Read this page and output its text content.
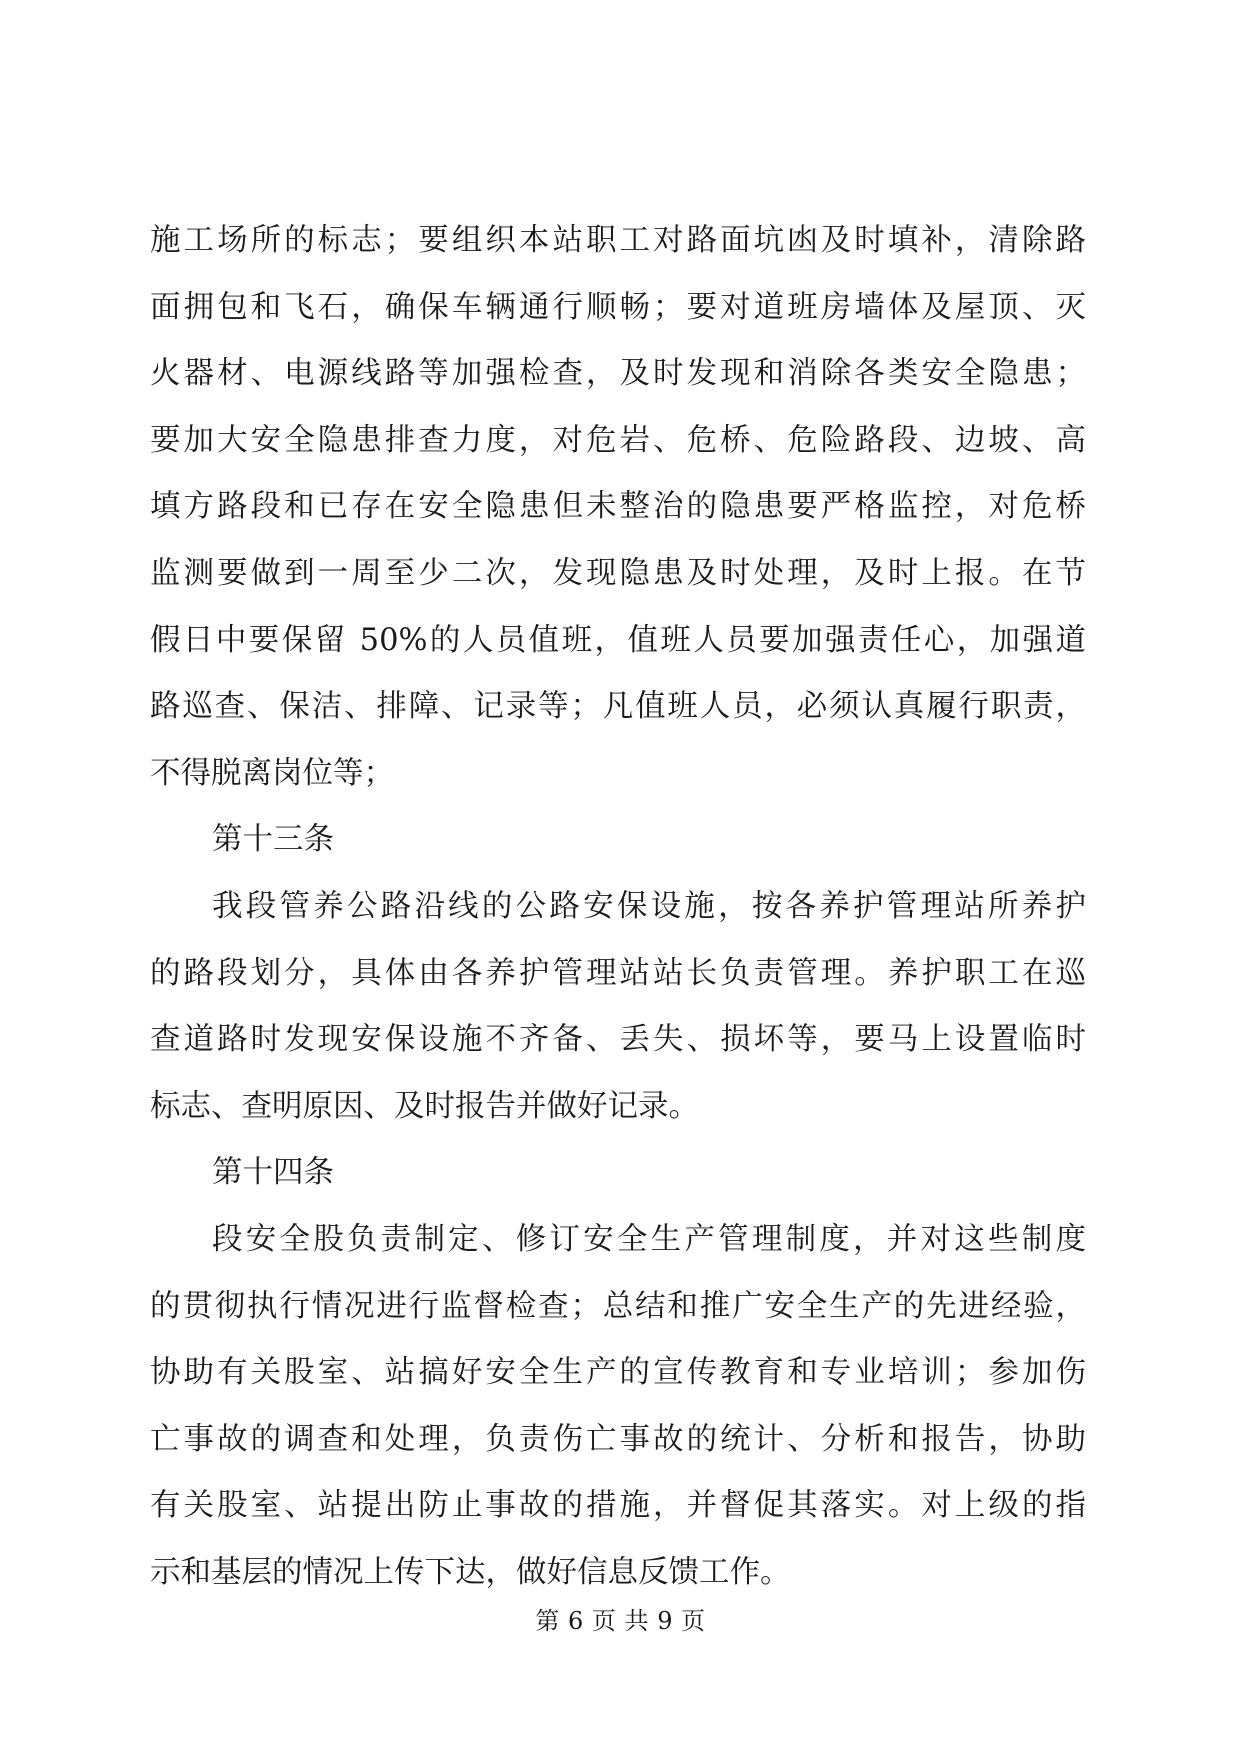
施工场所的标志；要组织本站职工对路面坑凼及时填补，清除路
面拥包和飞石，确保车辆通行顺畅；要对道班房墙体及屋顶、灭
火器材、电源线路等加强检查，及时发现和消除各类安全隐患；
要加大安全隐患排查力度，对危岩、危桥、危险路段、边坡、高
填方路段和已存在安全隐患但未整治的隐患要严格监控，对危桥
监测要做到一周至少二次，发现隐患及时处理，及时上报。在节
假日中要保留 50%的人员值班，值班人员要加强责任心，加强道
路巡查、保洁、排障、记录等；凡值班人员，必须认真履行职责，
不得脱离岗位等；
第十三条
我段管养公路沿线的公路安保设施，按各养护管理站所养护
的路段划分，具体由各养护管理站站长负责管理。养护职工在巡
查道路时发现安保设施不齐备、丢失、损坏等，要马上设置临时
标志、查明原因、及时报告并做好记录。
第十四条
段安全股负责制定、修订安全生产管理制度，并对这些制度
的贯彻执行情况进行监督检查；总结和推广安全生产的先进经验，
协助有关股室、站搞好安全生产的宣传教育和专业培训；参加伤
亡事故的调查和处理，负责伤亡事故的统计、分析和报告，协助
有关股室、站提出防止事故的措施，并督促其落实。对上级的指
示和基层的情况上传下达，做好信息反馈工作。
第 6 页 共 9 页
